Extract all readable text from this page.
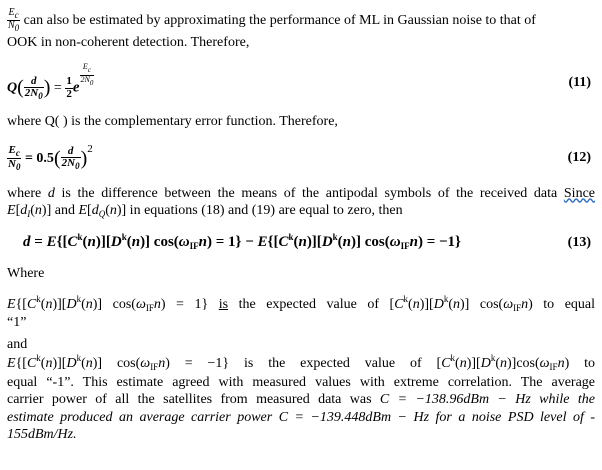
$\frac{Ec}{N0}$ can also be estimated by approximating the performance of ML in Gaussian noise to that of

OOK in non-coherent detection. Therefore,

$Q( \frac{d}{2N_0}$ ) = $\frac{1}{2}$ e
$\frac{Ec}{2N0}$	(11)

where Q( ) is the complementary error function. Therefore,

$\frac{E_c}{N_0} = 0.5( \frac{d}{2N_0} )^2$
(12)

where d is the difference between the means of the antipodal symbols of the received data Since

$E[d_I(n)]$ and $E[d_Q(n)]$ in equations (18) and (19) are equal to zero, then

$d = E\{[C^k(n)][D^k(n)] \cos(\omega_{IF}n) = 1\} - E\{[C^k(n)][D^k(n)] \cos(\omega_{IF}n) = -1\}$	(13)

Where

$E\{[C^k(n)][D^k(n)] \cos(\omega_{IF}n) = 1\}$ is the expected value of $[C^k(n)][D^k(n)]$ $\cos(\omega_{IF}n)$ to equal

“1”

and

$E\{[C^k(n)][D^k(n)] \cos(\omega_{IF}n) = -1\}$ is the expected value of $[C^k(n)][D^k(n)]\cos(\omega_{IF}n)$ to

equal “-1”. This estimate agreed with measured values with extreme correlation. The average

carrier power of all the satellites from measured data was C = −138.96dBm − Hz while the

estimate produced an average carrier power C = −139.448dBm − Hz for a noise PSD level of -

155dBm/Hz.
